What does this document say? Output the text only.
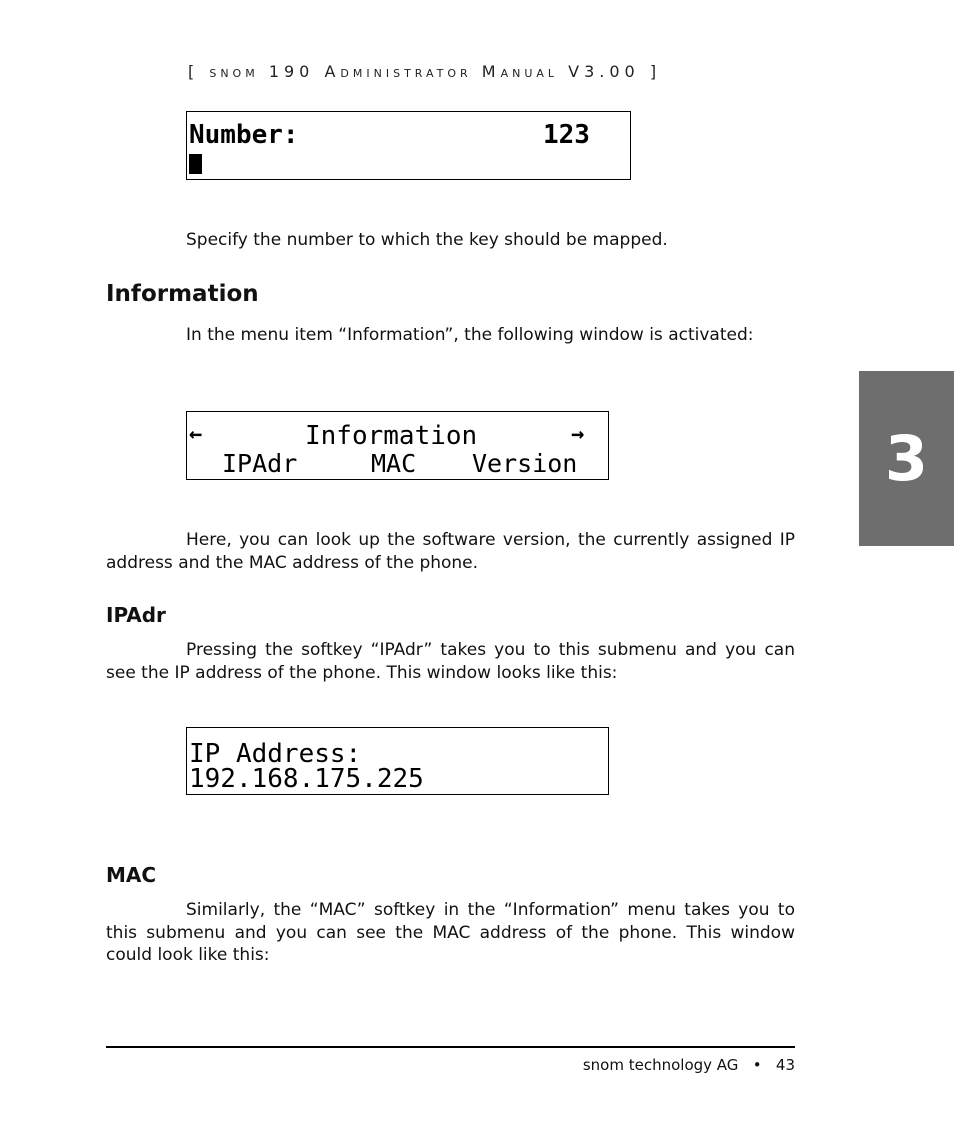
[ SNOM 190 ADMINISTRATOR MANUAL V3.00 ]
Number:	123

Specify the number to which the key should be mapped.

Information

In the menu item “Information”, the following window is activated:

←	Information	→
IPAdr	MAC Version

Here, you can look up the software version, the currently assigned IP address and the MAC address of the phone.

IPAdr

Pressing the softkey “IPAdr” takes you to this submenu and you can see the IP address of the phone. This window looks like this:

IP Address:
192.168.175.225
MAC

Similarly, the “MAC” softkey in the “Information” menu takes you to this submenu and you can see the MAC address of the phone. This window could look like this:

3
snom technology AG • 43
